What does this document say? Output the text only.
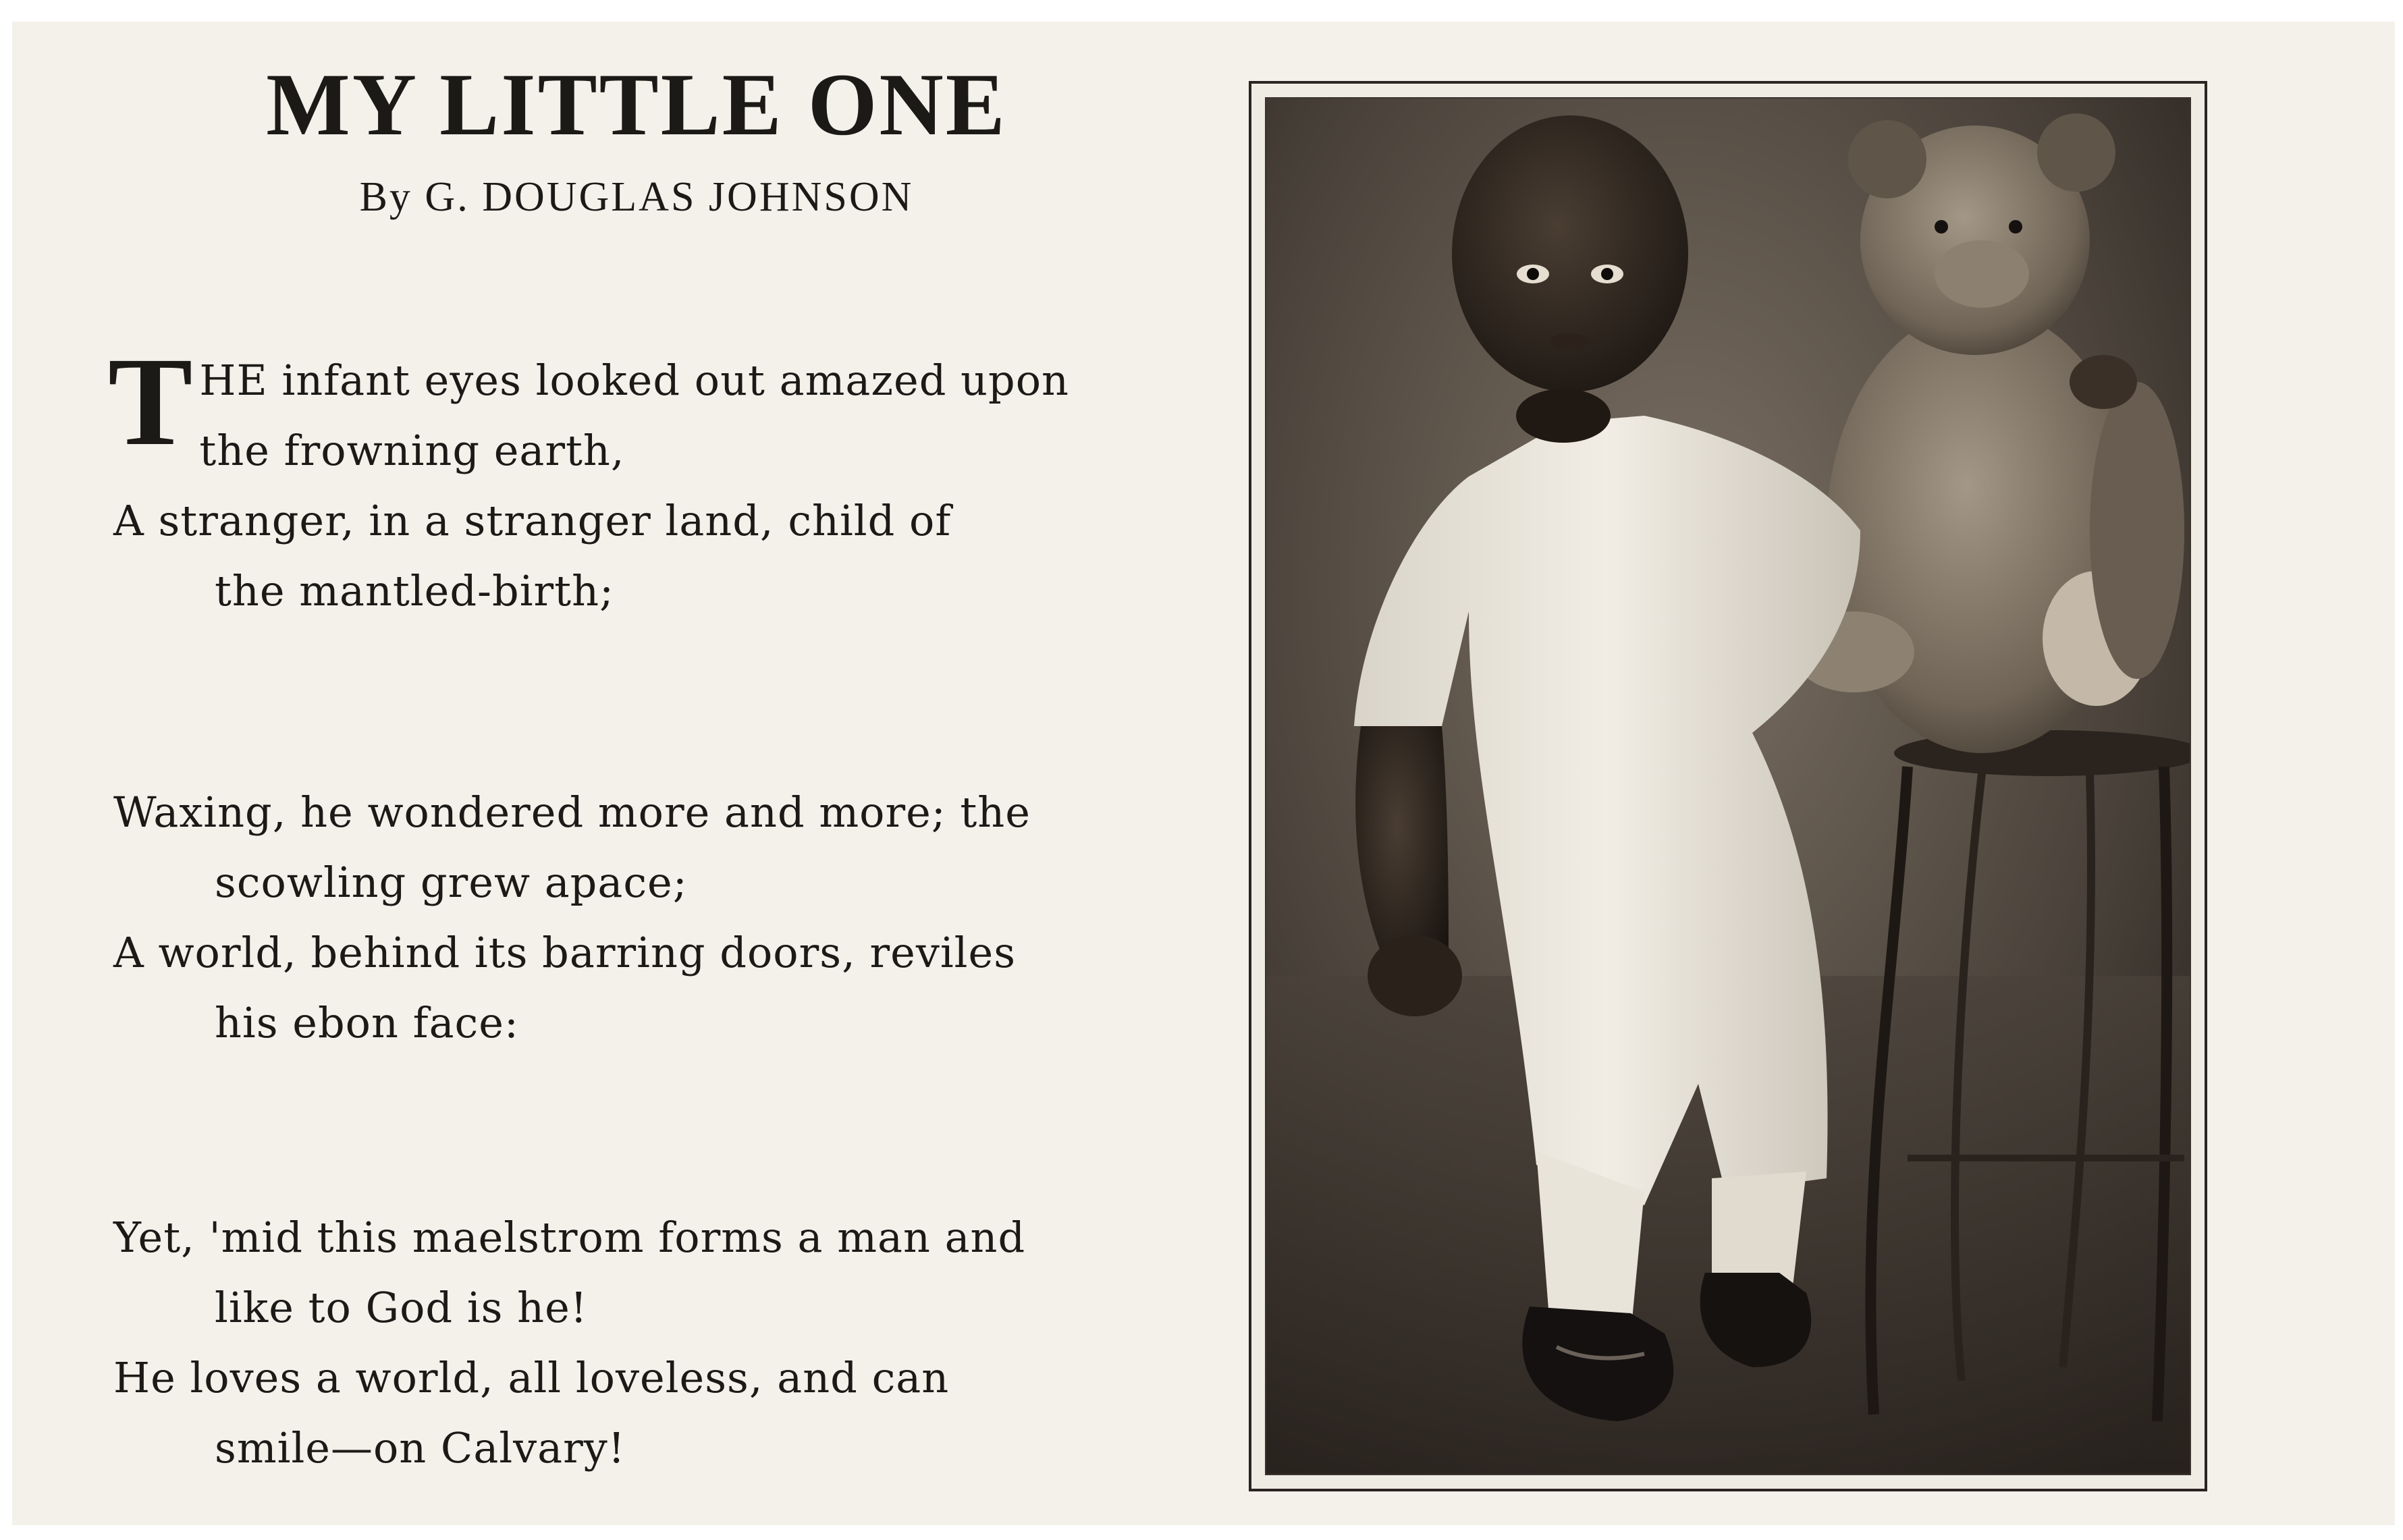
MY LITTLE ONE
By G. DOUGLAS JOHNSON
T HE infant eyes looked out amazed upon
the frowning earth,
A stranger, in a stranger land, child of
the mantled-birth;
Waxing, he wondered more and more; the
scowling grew apace;
A world, behind its barring doors, reviles
his ebon face:
Yet, 'mid this maelstrom forms a man and
like to God is he!
He loves a world, all loveless, and can
smile—on Calvary!
